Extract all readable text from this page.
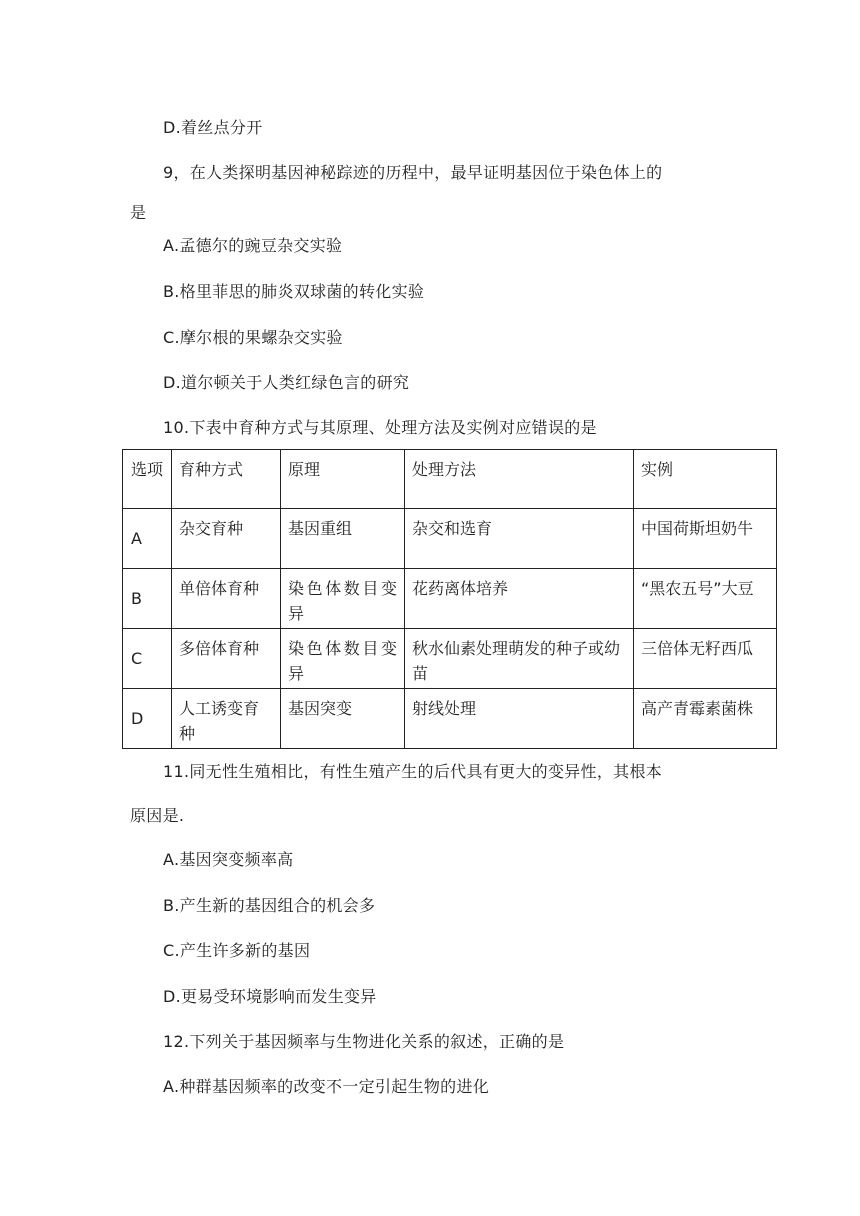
D.着丝点分开
9，在人类探明基因神秘踪迹的历程中，最早证明基因位于染色体上的
是
A.孟德尔的豌豆杂交实验
B.格里菲思的肺炎双球菌的转化实验
C.摩尔根的果螺杂交实验
D.道尔顿关于人类红绿色言的研究
10.下表中育种方式与其原理、处理方法及实例对应错误的是
选项	育种方式	原理	处理方法	实例
A	杂交育种	基因重组	杂交和选育	中国荷斯坦奶牛
B	单倍体育种	染色体数目变异	花药离体培养	“黑农五号”大豆
C	多倍体育种	染色体数目变异	秋水仙素处理萌发的种子或幼苗	三倍体无籽西瓜
D	人工诱变育种	基因突变	射线处理	高产青霉素菌株
11.同无性生殖相比，有性生殖产生的后代具有更大的变异性，其根本
原因是.
A.基因突变频率高
B.产生新的基因组合的机会多
C.产生许多新的基因
D.更易受环境影响而发生变异
12.下列关于基因频率与生物进化关系的叙述，正确的是
A.种群基因频率的改变不一定引起生物的进化
